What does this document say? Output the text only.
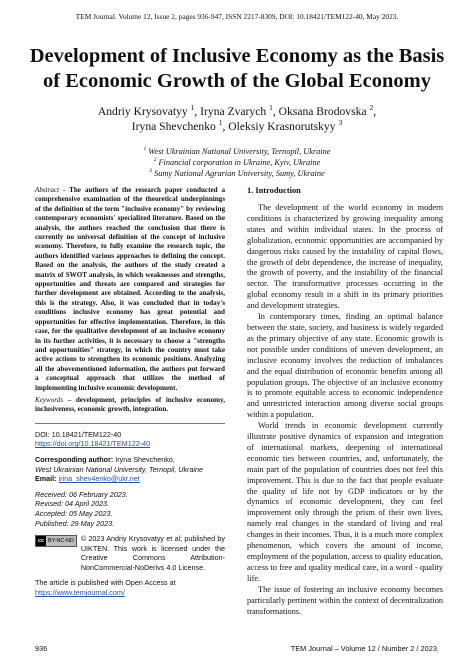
TEM Journal. Volume 12, Issue 2, pages 936-947, ISSN 2217-8309, DOI: 10.18421/TEM122-40, May 2023.
Development of Inclusive Economy as the Basis
of Economic Growth of the Global Economy
Andriy Krysovatyy $^1$, Iryna Zvarych $^1$, Oksana Brodovska $^2$,
Iryna Shevchenko $^1$, Oleksiy Krasnorutskyy $^3$
$^1$ West Ukrainian National University, Ternopil, Ukraine
$^2$ Financial corporation in Ukraine, Kyiv, Ukraine
$^3$ Sumy National Agrarian University, Sumy, Ukraine

Abstract - The authors of the research paper conducted a comprehensive examination of the theoretical underpinnings of the definition of the term "inclusive economy" by reviewing contemporary economists' specialized literature. Based on the analysis, the authors reached the conclusion that there is currently no universal definition of the concept of inclusive economy. Therefore, to fully examine the research topic, the authors identified various approaches to defining the concept. Based on the analysis, the authors of the study created a matrix of SWOT analysis, in which weaknesses and strengths, opportunities and threats are compared and strategies for further development are obtained. According to the analysis, this is the strategy. Also, it was concluded that in today's conditions inclusive economy has great potential and opportunities for effective implementation. Therefore, in this case, for the qualitative development of an inclusive economy in its further activities, it is necessary to choose a "strengths and opportunities" strategy, in which the country must take active actions to strengthen its economic positions. Analyzing all the abovementioned information, the authors put forward a conceptual approach that utilizes the method of implementing inclusive economic development.

Keywords – development, principles of inclusive economy, inclusiveness, economic growth, integration.

DOI: 10.18421/TEM122-40

https://doi.org/10.18421/TEM122-40

Corresponding author: Iryna Shevchenko,

West Ukrainian National University, Ternopil, Ukraine

Email: irina_shev4enko@ukr.net

Received: 06 February 2023.

Revised: 04 April 2023.

Accepted: 05 May 2023.

Published: 29 May 2023.

cc BY-NC-ND © 2023 Andriy Krysovatyy et al; published by UIKTEN. This work is licensed under the Creative Commons Attribution-NonCommercial-NoDerivs 4.0 License.

The article is published with Open Access at

https://www.temjournal.com/

1. Introduction

The development of the world economy in modern conditions is characterized by growing inequality among states and within individual states. In the process of globalization, economic opportunities are accompanied by dangerous risks caused by the instability of capital flows, the growth of debt dependence, the increase of inequality, the growth of poverty, and the instability of the financial sector. The transformative processes occurring in the global economy result in a shift in its primary priorities and development strategies.

In contemporary times, finding an optimal balance between the state, society, and business is widely regarded as the primary objective of any state. Economic growth is not possible under conditions of uneven development, an inclusive economy involves the reduction of imbalances and the equal distribution of economic benefits among all population groups. The objective of an inclusive economy is to promote equitable access to economic independence and unrestricted interaction among diverse social groups within a population.

World trends in economic development currently illustrate positive dynamics of expansion and integration of international markets, deepening of international economic ties between countries, and, unfortunately, the main part of the population of countries does not feel this improvement. This is due to the fact that people evaluate the quality of life not by GDP indicators or by the dynamics of economic development, they can feel improvement only through the prism of their own lives, namely real changes in the standard of living and real changes in their incomes. Thus, it is a much more complex phenomenon, which covers the amount of income, employment of the population, access to quality education, access to free and quality medical care, in a word - quality life.

The issue of fostering an inclusive economy becomes particularly pertinent within the context of decentralization transformations.

936	TEM Journal – Volume 12 / Number 2 / 2023.
